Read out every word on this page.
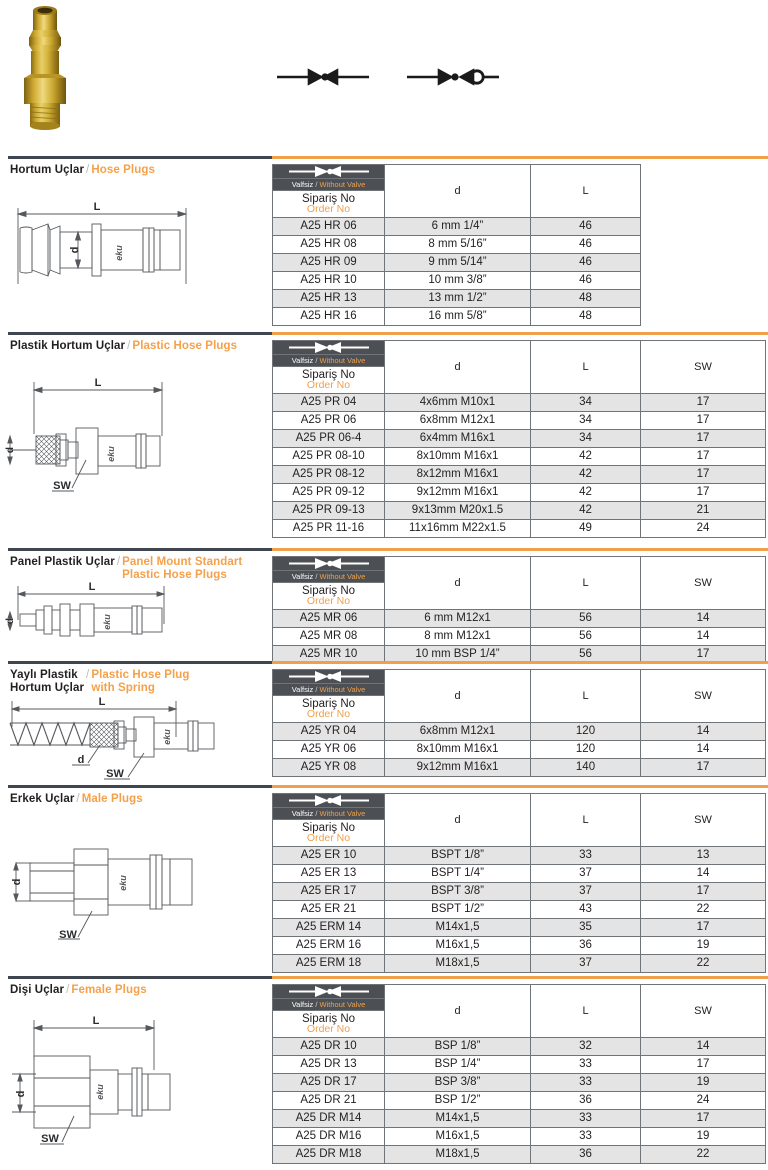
Hortum Uçlar / Hose Plugs
L
d	eku
	d	L
Valfsiz / Without Valve		

Sipariş No
Order No		

A25 HR 06	6 mm 1/4”	46
A25 HR 08	8 mm 5/16”	46
A25 HR 09	9 mm 5/14”	46
A25 HR 10	10 mm 3/8”	46
A25 HR 13	13 mm 1/2”	48
A25 HR 16	16 mm 5/8”	48
Plastik Hortum Uçlar / Plastic Hose Plugs
L
d
SW
eku
	d	L	SW
Valfsiz / Without Valve			

Sipariş No
Order No			

A25 PR 04	4x6mm M10x1	34	17
A25 PR 06	6x8mm M12x1	34	17
A25 PR 06-4	6x4mm M16x1	34	17
A25 PR 08-10	8x10mm M16x1	42	17
A25 PR 08-12	8x12mm M16x1	42	17
A25 PR 09-12	9x12mm M16x1	42	17
A25 PR 09-13	9x13mm M20x1.5	42	21
A25 PR 11-16	11x16mm M22x1.5	49	24
Panel Plastik Uçlar / Panel Mount Standart
Plastic Hose Plugs
L
d	eku
	d	L	SW
Valfsiz / Without Valve			

Sipariş No
Order No			

A25 MR 06	6 mm M12x1	56	14
A25 MR 08	8 mm M12x1	56	14
A25 MR 10	10 mm BSP 1/4”	56	17
Yaylı Plastik
Hortum Uçlar/ Plastic Hose Plug
with Spring
L
d
SW
eku
	d	L	SW
Valfsiz / Without Valve			

Sipariş No
Order No			

A25 YR 04	6x8mm M12x1	120	14
A25 YR 06	8x10mm M16x1	120	14
A25 YR 08	9x12mm M16x1	140	17
Erkek Uçlar / Male Plugs
d
SW
eku
	d	L	SW
Valfsiz / Without Valve			

Sipariş No
Order No			

A25 ER 10	BSPT 1/8”	33	13
A25 ER 13	BSPT 1/4”	37	14
A25 ER 17	BSPT 3/8”	37	17
A25 ER 21	BSPT 1/2”	43	22
A25 ERM 14	M14x1,5	35	17
A25 ERM 16	M16x1,5	36	19
A25 ERM 18	M18x1,5	37	22
Dişi Uçlar / Female Plugs
d
L
SW
eku
	d	L	SW
Valfsiz / Without Valve			

Sipariş No
Order No			

A25 DR 10	BSP 1/8”	32	14
A25 DR 13	BSP 1/4”	33	17
A25 DR 17	BSP 3/8”	33	19
A25 DR 21	BSP 1/2”	36	24
A25 DR M14	M14x1,5	33	17
A25 DR M16	M16x1,5	33	19
A25 DR M18	M18x1,5	36	22
